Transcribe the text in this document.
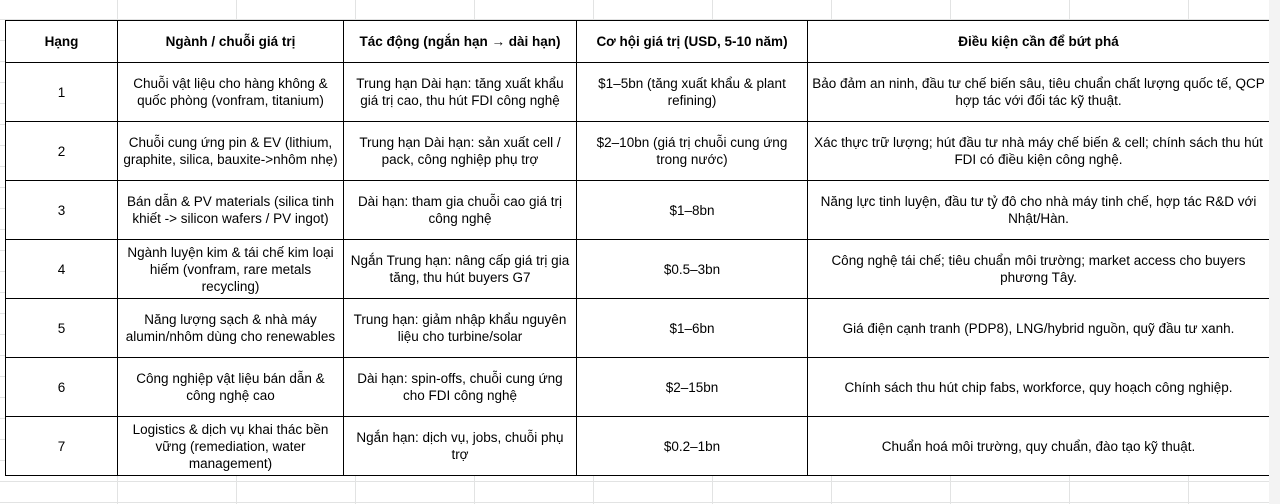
Hạng	Ngành / chuỗi giá trị	Tác động (ngắn hạn → dài hạn)	Cơ hội giá trị (USD, 5-10 năm)	Điều kiện cần để bứt phá
1	Chuỗi vật liệu cho hàng không & quốc phòng (vonfram, titanium)	Trung hạn Dài hạn: tăng xuất khẩu giá trị cao, thu hút FDI công nghệ	$1–5bn (tăng xuất khẩu & plant refining)	Bảo đảm an ninh, đầu tư chế biến sâu, tiêu chuẩn chất lượng quốc tế, QCP hợp tác với đối tác kỹ thuật.
2	Chuỗi cung ứng pin & EV (lithium, graphite, silica, bauxite->nhôm nhẹ)	Trung hạn Dài hạn: sản xuất cell / pack, công nghiệp phụ trợ	$2–10bn (giá trị chuỗi cung ứng trong nước)	Xác thực trữ lượng; hút đầu tư nhà máy chế biến & cell; chính sách thu hút FDI có điều kiện công nghệ.
3	Bán dẫn & PV materials (silica tinh khiết -> silicon wafers / PV ingot)	Dài hạn: tham gia chuỗi cao giá trị công nghệ	$1–8bn	Năng lực tinh luyện, đầu tư tỷ đô cho nhà máy tinh chế, hợp tác R&D với Nhật/Hàn.
4	Ngành luyện kim & tái chế kim loại hiếm (vonfram, rare metals recycling)	Ngắn Trung hạn: nâng cấp giá trị gia tăng, thu hút buyers G7	$0.5–3bn	Công nghệ tái chế; tiêu chuẩn môi trường; market access cho buyers phương Tây.
5	Năng lượng sạch & nhà máy alumin/nhôm dùng cho renewables	Trung hạn: giảm nhập khẩu nguyên liệu cho turbine/solar	$1–6bn	Giá điện cạnh tranh (PDP8), LNG/hybrid nguồn, quỹ đầu tư xanh.
6	Công nghiệp vật liệu bán dẫn & công nghệ cao	Dài hạn: spin-offs, chuỗi cung ứng cho FDI công nghệ	$2–15bn	Chính sách thu hút chip fabs, workforce, quy hoạch công nghiệp.
7	Logistics & dịch vụ khai thác bền vững (remediation, water management)	Ngắn hạn: dịch vụ, jobs, chuỗi phụ trợ	$0.2–1bn	Chuẩn hoá môi trường, quy chuẩn, đào tạo kỹ thuật.
